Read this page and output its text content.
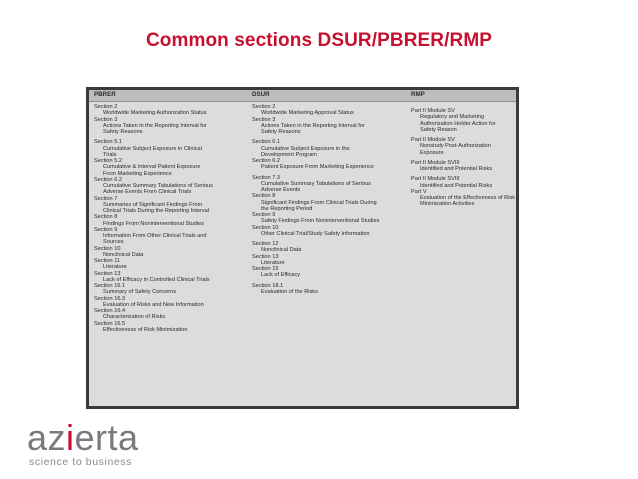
Common sections DSUR/PBRER/RMP
PBRER	DSUR	RMP
Section 2
Worldwide Marketing Authorization Status
Section 3
Actions Taken in the Reporting Interval for
Safety Reasons
Section 5.1
Cumulative Subject Exposure in Clinical
Trials
Section 5.2
Cumulative & Interval Patient Exposure
From Marketing Experience
Section 6.2
Cumulative Summary Tabulations of Serious
Adverse Events From Clinical Trials
Section 7
Summaries of Significant Findings From
Clinical Trials During the Reporting Interval
Section 8
Findings From Noninterventional Studies
Section 9
Information From Other Clinical Trials and
Sources
Section 10
Nonclinical Data
Section 11
Literature
Section 13
Lack of Efficacy in Controlled Clinical Trials
Section 16.1
Summary of Safety Concerns
Section 16.3
Evaluation of Risks and New Information
Section 16.4
Characterization of Risks
Section 16.5
Effectiveness of Risk Minimization
Section 2
Worldwide Marketing Approval Status
Section 3
Actions Taken in the Reporting Interval for
Safety Reasons
Section 6.1
Cumulative Subject Exposure in the
Development Program
Section 6.2
Patient Exposure From Marketing Experience
Section 7.3
Cumulative Summary Tabulations of Serious
Adverse Events
Section 8
Significant Findings From Clinical Trials During
the Reporting Period
Section 9
Safety Findings From Noninterventional Studies
Section 10
Other Clinical Trial/Study Safety Information
Section 12
Nonclinical Data
Section 13
Literature
Section 15
Lack of Efficacy
Section 18.1
Evaluation of the Risks
Part II Module SV
Regulatory and Marketing
Authorization Holder Action for
Safety Reason
Part II Module SV
Nonstudy Post-Authorization
Exposure
Part II Module SVIII
Identified and Potential Risks
Part II Module SVIII
Identified and Potential Risks
Part V
Evaluation of the Effectiveness of Risk
Minimization Activities
azierta
science to business
